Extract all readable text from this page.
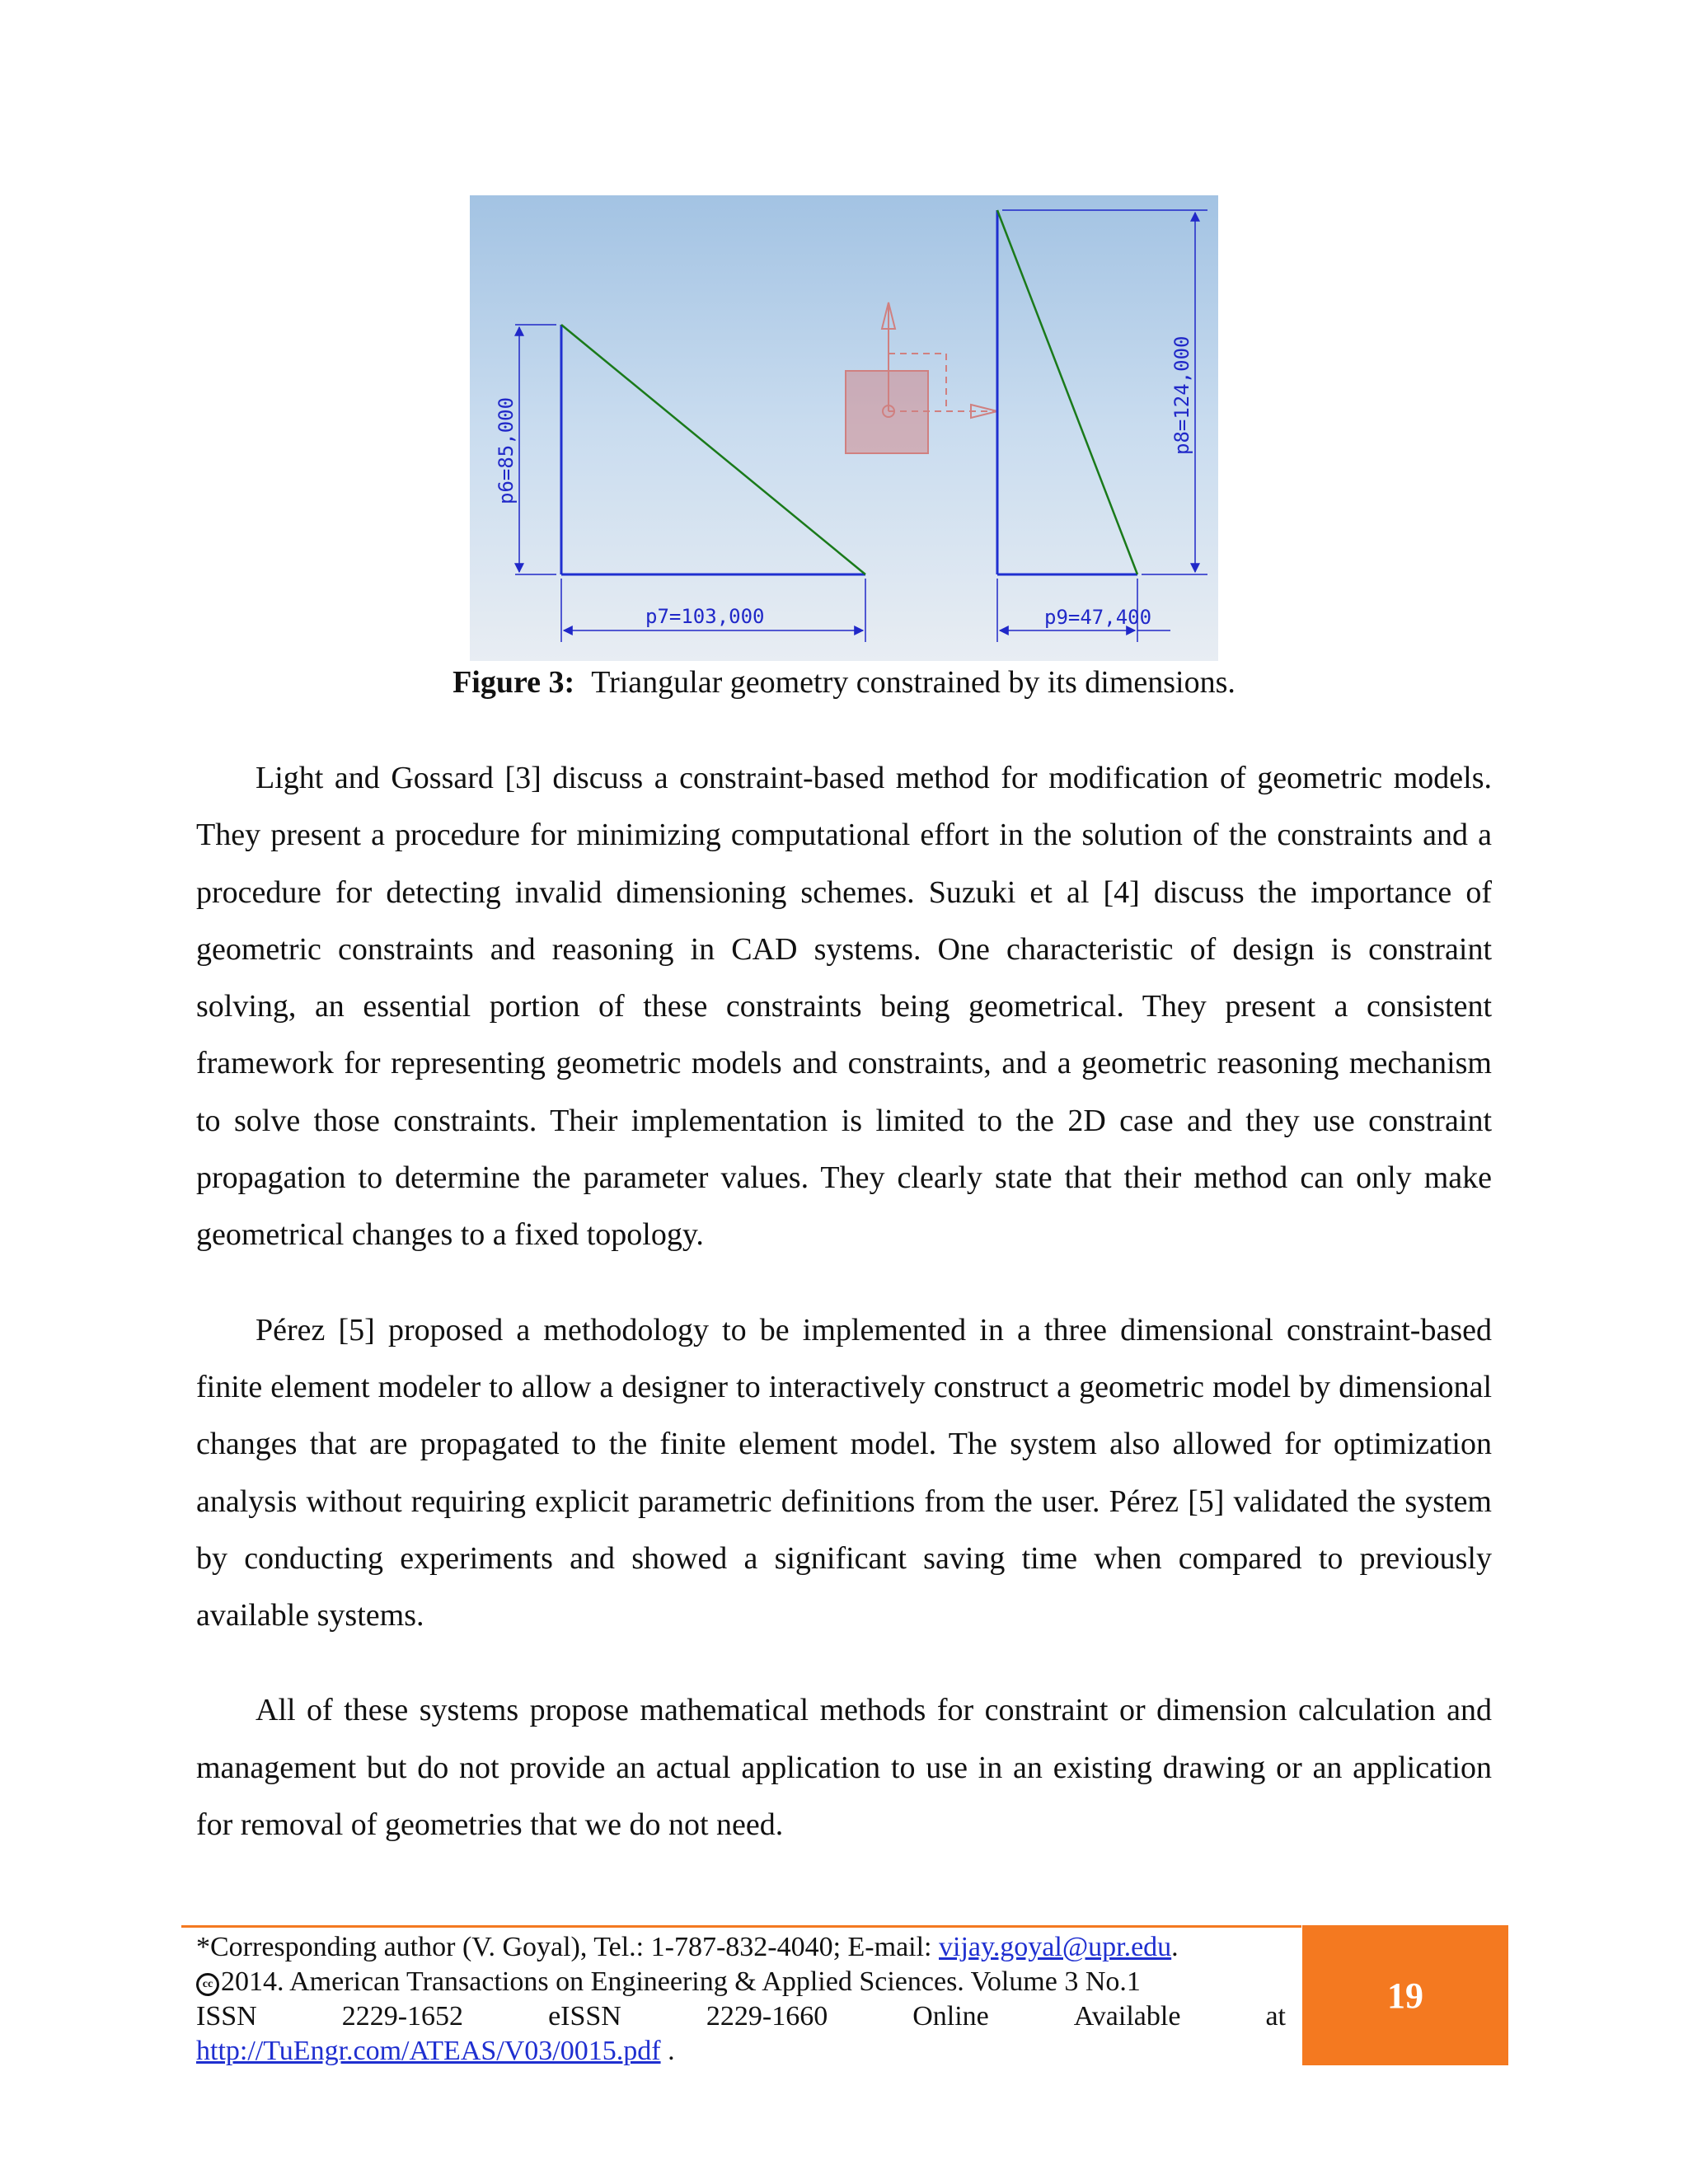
p6=85,000
p7=103,000
p8=124,000
p9=47,400
Figure 3: Triangular geometry constrained by its dimensions.

Light and Gossard [3] discuss a constraint-based method for modification of geometric models. They present a procedure for minimizing computational effort in the solution of the constraints and a procedure for detecting invalid dimensioning schemes. Suzuki et al [4] discuss the importance of geometric constraints and reasoning in CAD systems. One characteristic of design is constraint solving, an essential portion of these constraints being geometrical. They present a consistent framework for representing geometric models and constraints, and a geometric reasoning mechanism to solve those constraints. Their implementation is limited to the 2D case and they use constraint propagation to determine the parameter values. They clearly state that their method can only make geometrical changes to a fixed topology.

Pérez [5] proposed a methodology to be implemented in a three dimensional constraint-based finite element modeler to allow a designer to interactively construct a geometric model by dimensional changes that are propagated to the finite element model. The system also allowed for optimization analysis without requiring explicit parametric definitions from the user. Pérez [5] validated the system by conducting experiments and showed a significant saving time when compared to previously available systems.

All of these systems propose mathematical methods for constraint or dimension calculation and management but do not provide an actual application to use in an existing drawing or an application for removal of geometries that we do not need.

*Corresponding author (V. Goyal), Tel.: 1-787-832-4040; E-mail: vijay.goyal@upr.edu.
cc 2014. American Transactions on Engineering & Applied Sciences. Volume 3 No.1
ISSN	2229-1652	eISSN	2229-1660	Online	Available	at
http://TuEngr.com/ATEAS/V03/0015.pdf .
19
